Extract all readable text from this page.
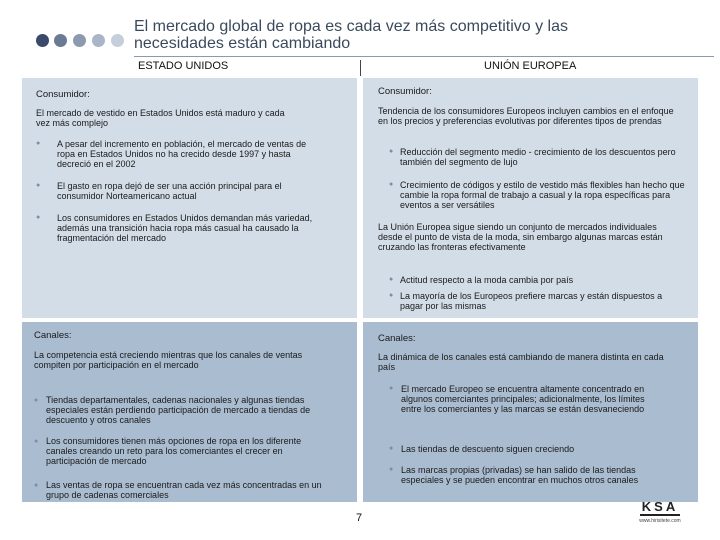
El mercado global de ropa es cada vez más competitivo y las
necesidades están cambiando
ESTADO UNIDOS	UNIÓN EUROPEA
Consumidor:
El mercado de vestido en Estados Unidos está maduro y cada vez más complejo
● A pesar del incremento en población, el mercado de ventas de ropa en Estados Unidos no ha crecido desde 1997 y hasta decreció en el 2002
● El gasto en ropa dejó de ser una acción principal para el consumidor Norteamericano actual
● Los consumidores en Estados Unidos demandan más variedad, además una transición hacia ropa más casual ha causado la fragmentación del mercado
Consumidor:
Tendencia de los consumidores Europeos incluyen cambios en el enfoque en los precios y preferencias evolutivas por diferentes tipos de prendas
● Reducción del segmento medio - crecimiento de los descuentos pero también del segmento de lujo
● Crecimiento de códigos y estilo de vestido más flexibles han hecho que cambie la ropa formal de trabajo a casual y la ropa específicas para eventos a ser versátiles
La Unión Europea sigue siendo un conjunto de mercados individuales desde el punto de vista de la moda, sin embargo algunas marcas están cruzando las fronteras efectivamente
● Actitud respecto a la moda cambia por país
● La mayoría de los Europeos prefiere marcas y están dispuestos a pagar por las mismas
Canales:
La competencia está creciendo mientras que los canales de ventas compiten por participación en el mercado
● Tiendas departamentales, cadenas nacionales y algunas tiendas especiales están perdiendo participación de mercado a tiendas de descuento y otros canales
● Los consumidores tienen más opciones de ropa en los diferente canales creando un reto para los comerciantes el crecer en participación de mercado
● Las ventas de ropa se encuentran cada vez más concentradas en un grupo de cadenas comerciales
Canales:
La dinámica de los canales está cambiando de manera distinta en cada país
● El mercado Europeo se encuentra altamente concentrado en algunos comerciantes principales; adicionalmente, los límites entre los comerciantes y las marcas se están desvaneciendo
● Las tiendas de descuento siguen creciendo
● Las marcas propias (privadas) se han salido de las tiendas especiales y se pueden encontrar en muchos otros canales
7
KSA
www.hirisitete.com
